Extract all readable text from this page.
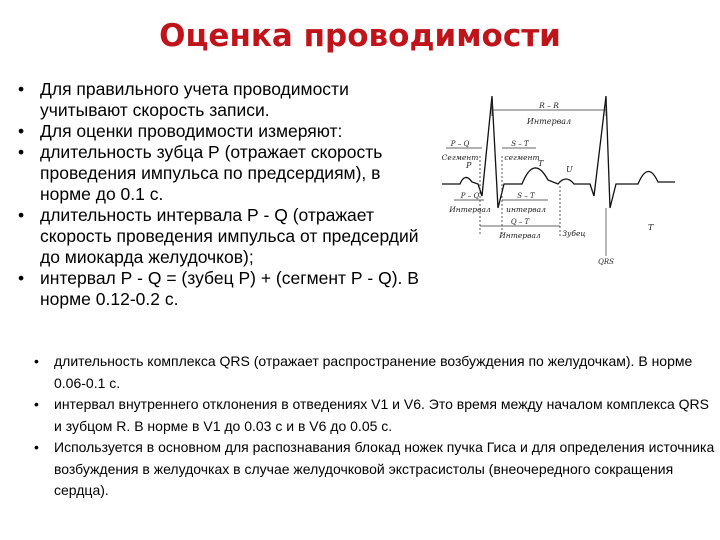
Оценка проводимости
• Для правильного учета проводимости учитывают скорость записи.
• Для оценки проводимости измеряют:
• длительность зубца Р (отражает скорость проведения импульса по предсердиям), в норме до 0.1 с.
• длительность интервала Р - Q (отражает скорость проведения импульса от предсердий до миокарда желудочков);
• интервал Р - Q = (зубец Р) + (сегмент Р - Q). В норме 0.12-0.2 с.
R – R
Интервал
P – Q
Сегмент
S – T
сегмент
P	T
U
P – Q
Интервал
S – T
интервал
Q – T
Интервал	Зубец
QRS
T
• длительность комплекса QRS (отражает распространение возбуждения по желудочкам). В норме 0.06-0.1 с.
• интервал внутреннего отклонения в отведениях V1 и V6. Это время между началом комплекса QRS и зубцом R. В норме в V1 до 0.03 с и в V6 до 0.05 с.
• Используется в основном для распознавания блокад ножек пучка Гиса и для определения источника возбуждения в желудочках в случае желудочковой экстрасистолы (внеочередного сокращения сердца).
